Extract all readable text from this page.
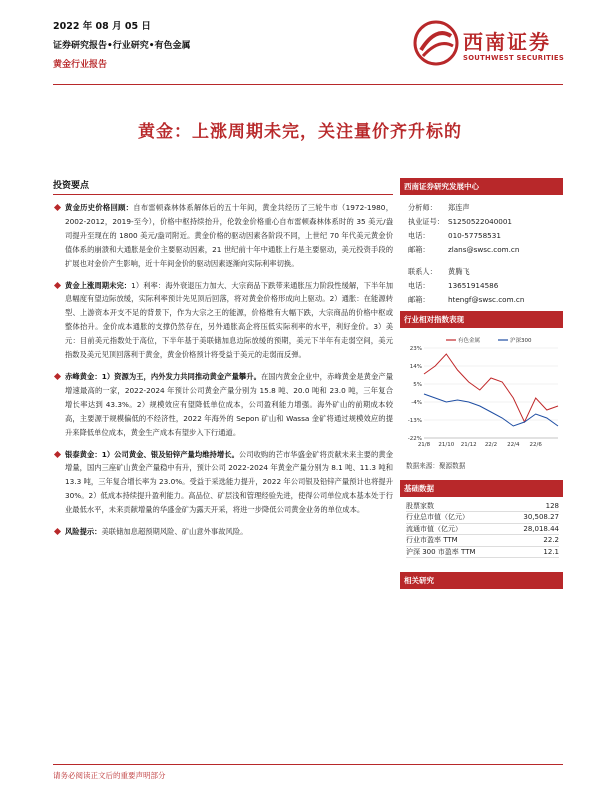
2022 年 08 月 05 日
证券研究报告•行业研究•有色金属
黄金行业报告
西南证券
SOUTHWEST SECURITIES
黄金：上涨周期未完，关注量价齐升标的
投资要点
黄金历史价格回顾：自布雷顿森林体系解体后的五十年间，黄金共经历了三轮牛市（1972-1980，2002-2012，2019-至今），价格中枢持续抬升，伦敦金价格重心自布雷顿森林体系时的 35 美元/盎司提升至现在的 1800 美元/盎司附近。黄金价格的驱动因素各阶段不同，上世纪 70 年代美元黄金价值体系的崩溃和大通胀是金价主要驱动因素，21 世纪前十年中通胀上行是主要驱动，美元投资手段的扩展也对金价产生影响，近十年间金价的驱动因素逐渐向实际利率切换。
黄金上涨周期未完：1）利率：海外衰退压力加大、大宗商品下跌带来通胀压力阶段性缓解，下半年加息幅度有望边际放缓，实际利率预计先见顶后回落，将对黄金价格形成向上驱动。2）通胀：在能源转型、上游资本开支不足的背景下，作为大宗之王的能源，价格维有大幅下跌，大宗商品的价格中枢或整体抬升。金价成本通胀的支撑仍然存在，另外通胀高企将压低实际利率的水平，利好金价。3）美元：目前美元指数处于高位，下半年基于美联储加息边际放缓的预期，美元下半年有走弱空间，美元指数及美元见顶回落利于黄金，黄金价格预计将受益于美元的走弱而反弹。
赤峰黄金：1）资源为王，内外发力共同推动黄金产量攀升。在国内黄金企业中，赤峰黄金是黄金产量增速最高的一家，2022-2024 年预计公司黄金产量分别为 15.8 吨、20.0 吨和 23.0 吨，三年复合增长率达到 43.3%。2）规模效应有望降低单位成本，公司盈利能力增强。海外矿山的前期成本较高，主要源于规模偏低的不经济性，2022 年海外的 Sepon 矿山和 Wassa 金矿将通过规模效应的提升来降低单位成本，黄金生产成本有望步入下行通道。
银泰黄金：1）公司黄金、银及铅锌产量均维持增长。公司收购的芒市华盛金矿将贡献未来主要的黄金增量，国内三座矿山黄金产量稳中有升，预计公司 2022-2024 年黄金产量分别为 8.1 吨、11.3 吨和 13.3 吨，三年复合增长率为 23.0%。受益于采选能力提升，2022 年公司银及铅锌产量预计也将提升 30%。2）低成本持续提升盈利能力。高品位、矿层浅和管理经验先进，使得公司单位成本基本处于行业最低水平，未来贡献增量的华盛金矿为露天开采，将进一步降低公司黄金业务的单位成本。
风险提示：美联储加息超预期风险、矿山意外事故风险。
西南证券研究发展中心
分析师：	郑连声
执业证号： S1250522040001
电话：	010-57758531
邮箱：	zlans@swsc.com.cn
联系人：	黄腾飞
电话：	13651914586
邮箱：	htengf@swsc.com.cn
行业相对指数表现
23%
14%
5%
-4%
-13%
-22%
21/8 21/10 21/12 22/2 22/4 22/6
有色金属	沪深300
数据来源：聚源数据
基础数据
股票家数	128
行业总市值（亿元）	30,508.27
流通市值（亿元）	28,018.44
行业市盈率 TTM	22.2
沪深 300 市盈率 TTM	12.1
相关研究
请务必阅读正文后的重要声明部分
